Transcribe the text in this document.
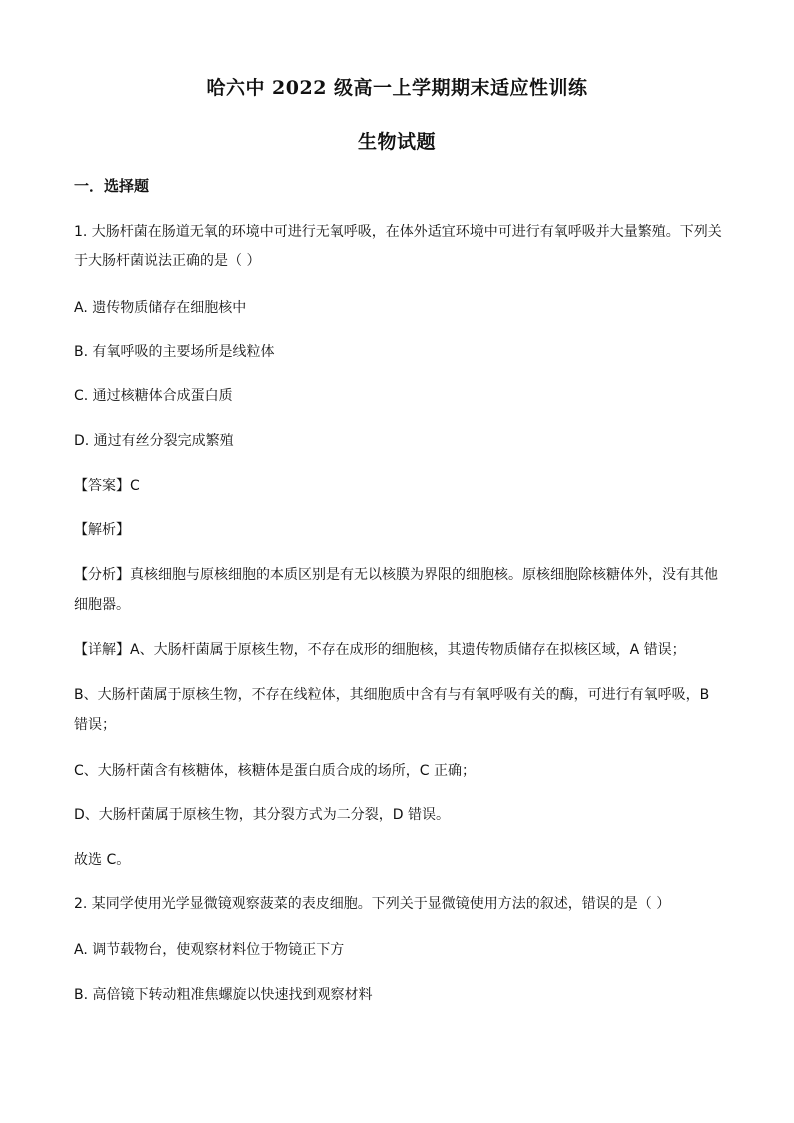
哈六中 2022 级高一上学期期末适应性训练
生物试题
一．选择题
1. 大肠杆菌在肠道无氧的环境中可进行无氧呼吸，在体外适宜环境中可进行有氧呼吸并大量繁殖。下列关
于大肠杆菌说法正确的是（ ）
A. 遗传物质储存在细胞核中
B. 有氧呼吸的主要场所是线粒体
C. 通过核糖体合成蛋白质
D. 通过有丝分裂完成繁殖
【答案】C
【解析】
【分析】真核细胞与原核细胞的本质区别是有无以核膜为界限的细胞核。原核细胞除核糖体外，没有其他
细胞器。
【详解】A、大肠杆菌属于原核生物，不存在成形的细胞核，其遗传物质储存在拟核区域，A 错误；
B、大肠杆菌属于原核生物，不存在线粒体，其细胞质中含有与有氧呼吸有关的酶，可进行有氧呼吸，B
错误；
C、大肠杆菌含有核糖体，核糖体是蛋白质合成的场所，C 正确；
D、大肠杆菌属于原核生物，其分裂方式为二分裂，D 错误。
故选 C。
2. 某同学使用光学显微镜观察菠菜的表皮细胞。下列关于显微镜使用方法的叙述，错误的是（ ）
A. 调节载物台，使观察材料位于物镜正下方
B. 高倍镜下转动粗准焦螺旋以快速找到观察材料
